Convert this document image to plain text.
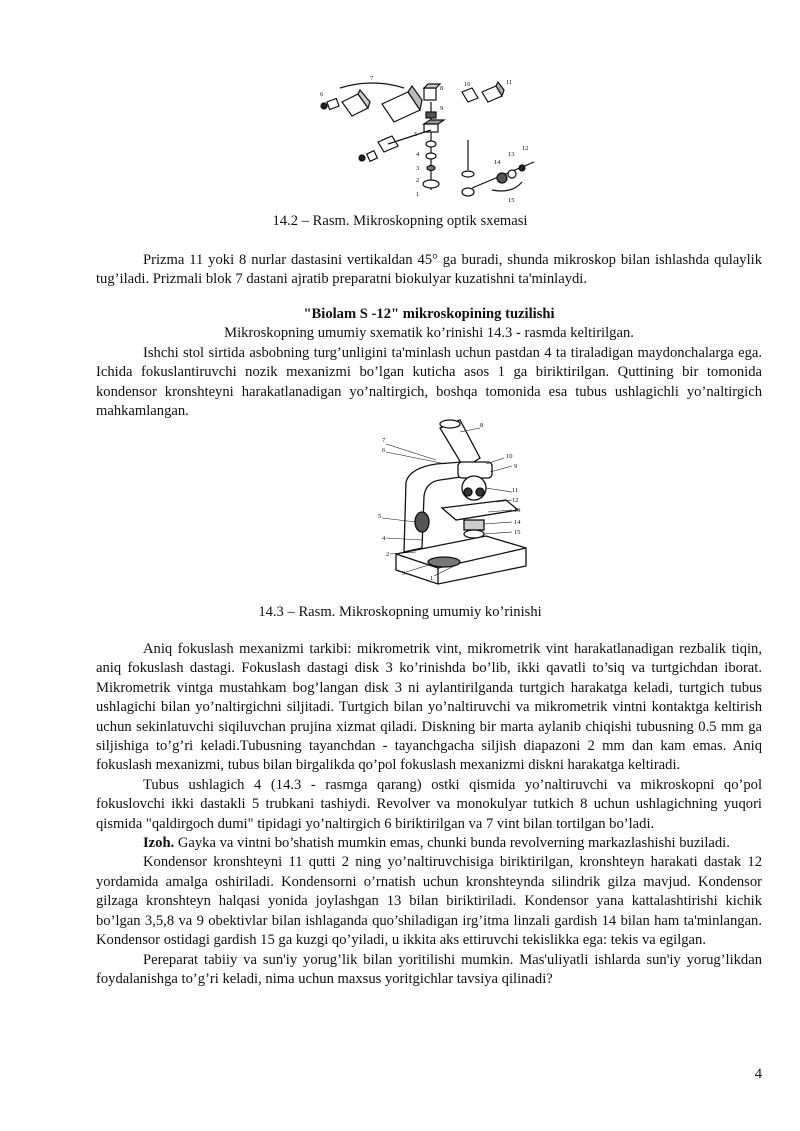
6
7
8
9
5
4
3
2
1
10	11
12
13
14
15
14.2 – Rasm. Mikroskopning optik sxemasi

Prizma 11 yoki 8 nurlar dastasini vertikaldan 45° ga buradi, shunda mikroskop bilan ishlashda qulaylik tug’iladi. Prizmali blok 7 dastani ajratib preparatni biokulyar kuzatishni ta'minlaydi.

"Biolam S -12" mikroskopining tuzilishi

Mikroskopning umumiy sxematik ko’rinishi 14.3 - rasmda keltirilgan.

Ishchi stol sirtida asbobning turg’unligini ta'minlash uchun pastdan 4 ta tiraladigan maydonchalarga ega. Ichida fokuslantiruvchi nozik mexanizmi bo’lgan kuticha asos 1 ga biriktirilgan. Quttining bir tomonida kondensor kronshteyni harakatlanadigan yo’naltirgich, boshqa tomonida esa tubus ushlagichli yo’naltirgich mahkamlangan.

7
6
8
10
9
11
12
13
14
15
5
4
2
3
1
14.3 – Rasm. Mikroskopning umumiy ko’rinishi

Aniq fokuslash mexanizmi tarkibi: mikrometrik vint, mikrometrik vint harakatlanadigan rezbalik tiqin, aniq fokuslash dastagi. Fokuslash dastagi disk 3 ko’rinishda bo’lib, ikki qavatli to’siq va turtgichdan iborat. Mikrometrik vintga mustahkam bog’langan disk 3 ni aylantirilganda turtgich harakatga keladi, turtgich tubus ushlagichi bilan yo’naltirgichni siljitadi. Turtgich bilan yo’naltiruvchi va mikrometrik vintni kontaktga keltirish uchun sekinlatuvchi siqiluvchan prujina xizmat qiladi. Diskning bir marta aylanib chiqishi tubusning 0.5 mm ga siljishiga to’g’ri keladi.Tubusning tayanchdan - tayanchgacha siljish diapazoni 2 mm dan kam emas. Aniq fokuslash mexanizmi, tubus bilan birgalikda qo’pol fokuslash mexanizmi diskni harakatga keltiradi.

Tubus ushlagich 4 (14.3 - rasmga qarang) ostki qismida yo’naltiruvchi va mikroskopni qo’pol fokuslovchi ikki dastakli 5 trubkani tashiydi. Revolver va monokulyar tutkich 8 uchun ushlagichning yuqori qismida "qaldirgoch dumi" tipidagi yo’naltirgich 6 biriktirilgan va 7 vint bilan tortilgan bo’ladi.

Izoh. Gayka va vintni bo’shatish mumkin emas, chunki bunda revolverning markazlashishi buziladi.

Kondensor kronshteyni 11 qutti 2 ning yo’naltiruvchisiga biriktirilgan, kronshteyn harakati dastak 12 yordamida amalga oshiriladi. Kondensorni o’rnatish uchun kronshteynda silindrik gilza mavjud. Kondensor gilzaga kronshteyn halqasi yonida joylashgan 13 bilan biriktiriladi. Kondensor yana kattalashtirishi kichik bo’lgan 3,5,8 va 9 obektivlar bilan ishlaganda quo’shiladigan irg’itma linzali gardish 14 bilan ham ta'minlangan. Kondensor ostidagi gardish 15 ga kuzgi qo’yiladi, u ikkita aks ettiruvchi tekislikka ega: tekis va egilgan.

Pereparat tabiiy va sun'iy yorug’lik bilan yoritilishi mumkin. Mas'uliyatli ishlarda sun'iy yorug’likdan foydalanishga to’g’ri keladi, nima uchun maxsus yoritgichlar tavsiya qilinadi?

4
